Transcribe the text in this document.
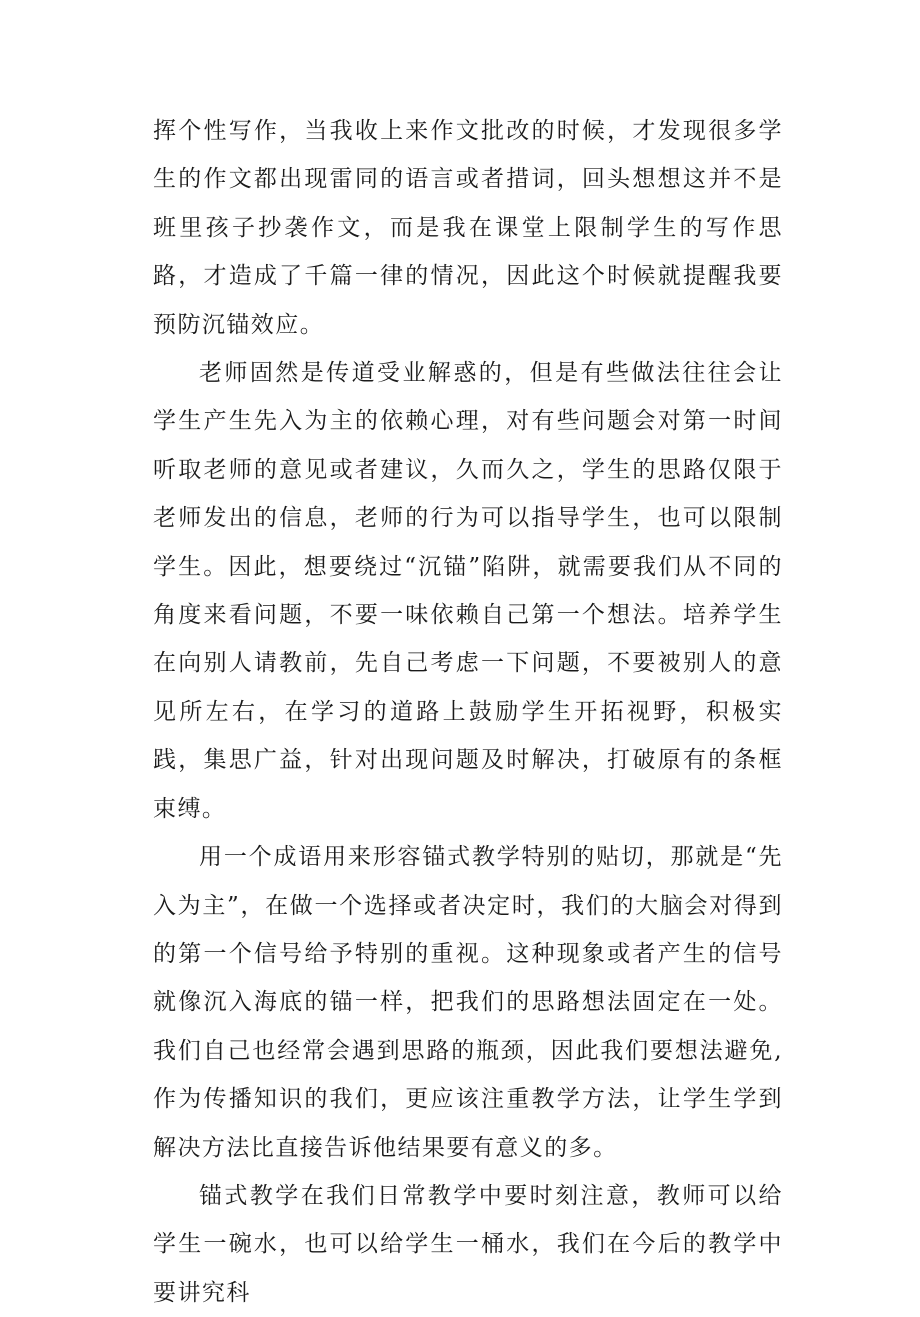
挥个性写作，当我收上来作文批改的时候，才发现很多学生的作文都出现雷同的语言或者措词，回头想想这并不是班里孩子抄袭作文，而是我在课堂上限制学生的写作思路，才造成了千篇一律的情况，因此这个时候就提醒我要预防沉锚效应。

老师固然是传道受业解惑的，但是有些做法往往会让学生产生先入为主的依赖心理，对有些问题会对第一时间听取老师的意见或者建议，久而久之，学生的思路仅限于老师发出的信息，老师的行为可以指导学生，也可以限制学生。因此，想要绕过“沉锚”陷阱，就需要我们从不同的角度来看问题，不要一味依赖自己第一个想法。培养学生在向别人请教前，先自己考虑一下问题，不要被别人的意见所左右，在学习的道路上鼓励学生开拓视野，积极实践，集思广益，针对出现问题及时解决，打破原有的条框束缚。

用一个成语用来形容锚式教学特别的贴切，那就是“先入为主”，在做一个选择或者决定时，我们的大脑会对得到的第一个信号给予特别的重视。这种现象或者产生的信号就像沉入海底的锚一样，把我们的思路想法固定在一处。我们自己也经常会遇到思路的瓶颈，因此我们要想法避免,作为传播知识的我们，更应该注重教学方法，让学生学到解决方法比直接告诉他结果要有意义的多。

锚式教学在我们日常教学中要时刻注意，教师可以给学生一碗水，也可以给学生一桶水，我们在今后的教学中要讲究科
